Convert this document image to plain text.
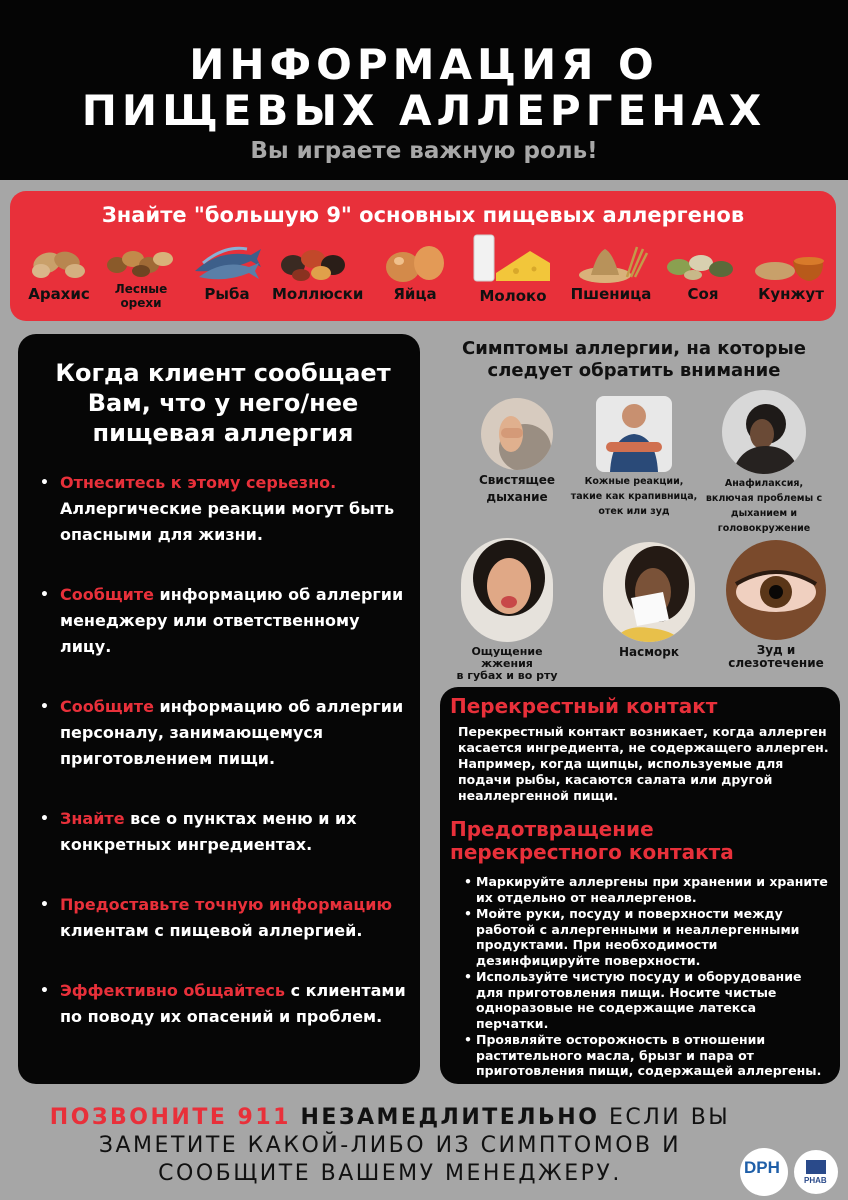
ИНФОРМАЦИЯ О
ПИЩЕВЫХ АЛЛЕРГЕНАХ
Вы играете важную роль!
Знайте "большую 9" основных пищевых аллергенов
Арахис	Лесные
орехи	Рыба	Моллюски	Яйца	Молоко	Пшеница	Соя	Кунжут
Когда клиент сообщает
Вам, что у него/нее
пищевая аллергия
• Отнеситесь к этому серьезно.
Аллергические реакции могут быть опасными для жизни.
• Сообщите информацию об аллергии менеджеру или ответственному лицу.
• Сообщите информацию об аллергии персоналу, занимающемуся приготовлением пищи.
• Знайте все о пунктах меню и их конкретных ингредиентах.
• Предоставьте точную информацию клиентам с пищевой аллергией.
• Эффективно общайтесь с клиентами по поводу их опасений и проблем.
Симптомы аллергии, на которые
следует обратить внимание
Свистящее
дыхание
Кожные реакции,
такие как крапивница,
отек или зуд
Анафилаксия,
включая проблемы с
дыханием и
головокружение
Ощущение жжения
в губах и во рту
Насморк	Зуд и
слезотечение
Перекрестный контакт

Перекрестный контакт возникает, когда аллерген касается ингредиента, не содержащего аллерген. Например, когда щипцы, используемые для подачи рыбы, касаются салата или другой неаллергенной пищи.

Предотвращение
перекрестного контакта
• Маркируйте аллергены при хранении и храните их отдельно от неаллергенов.
• Мойте руки, посуду и поверхности между работой с аллергенными и неаллергенными продуктами. При необходимости дезинфицируйте поверхности.
• Используйте чистую посуду и оборудование для приготовления пищи. Носите чистые одноразовые не содержащие латекса перчатки.
• Проявляйте осторожность в отношении растительного масла, брызг и пара от приготовления пищи, содержащей аллергены.
ПОЗВОНИТЕ 911 НЕЗАМЕДЛИТЕЛЬНО ЕСЛИ ВЫ
ЗАМЕТИТЕ КАКОЙ-ЛИБО ИЗ СИМПТОМОВ И
СООБЩИТЕ ВАШЕМУ МЕНЕДЖЕРУ.	DPH
PHAB
